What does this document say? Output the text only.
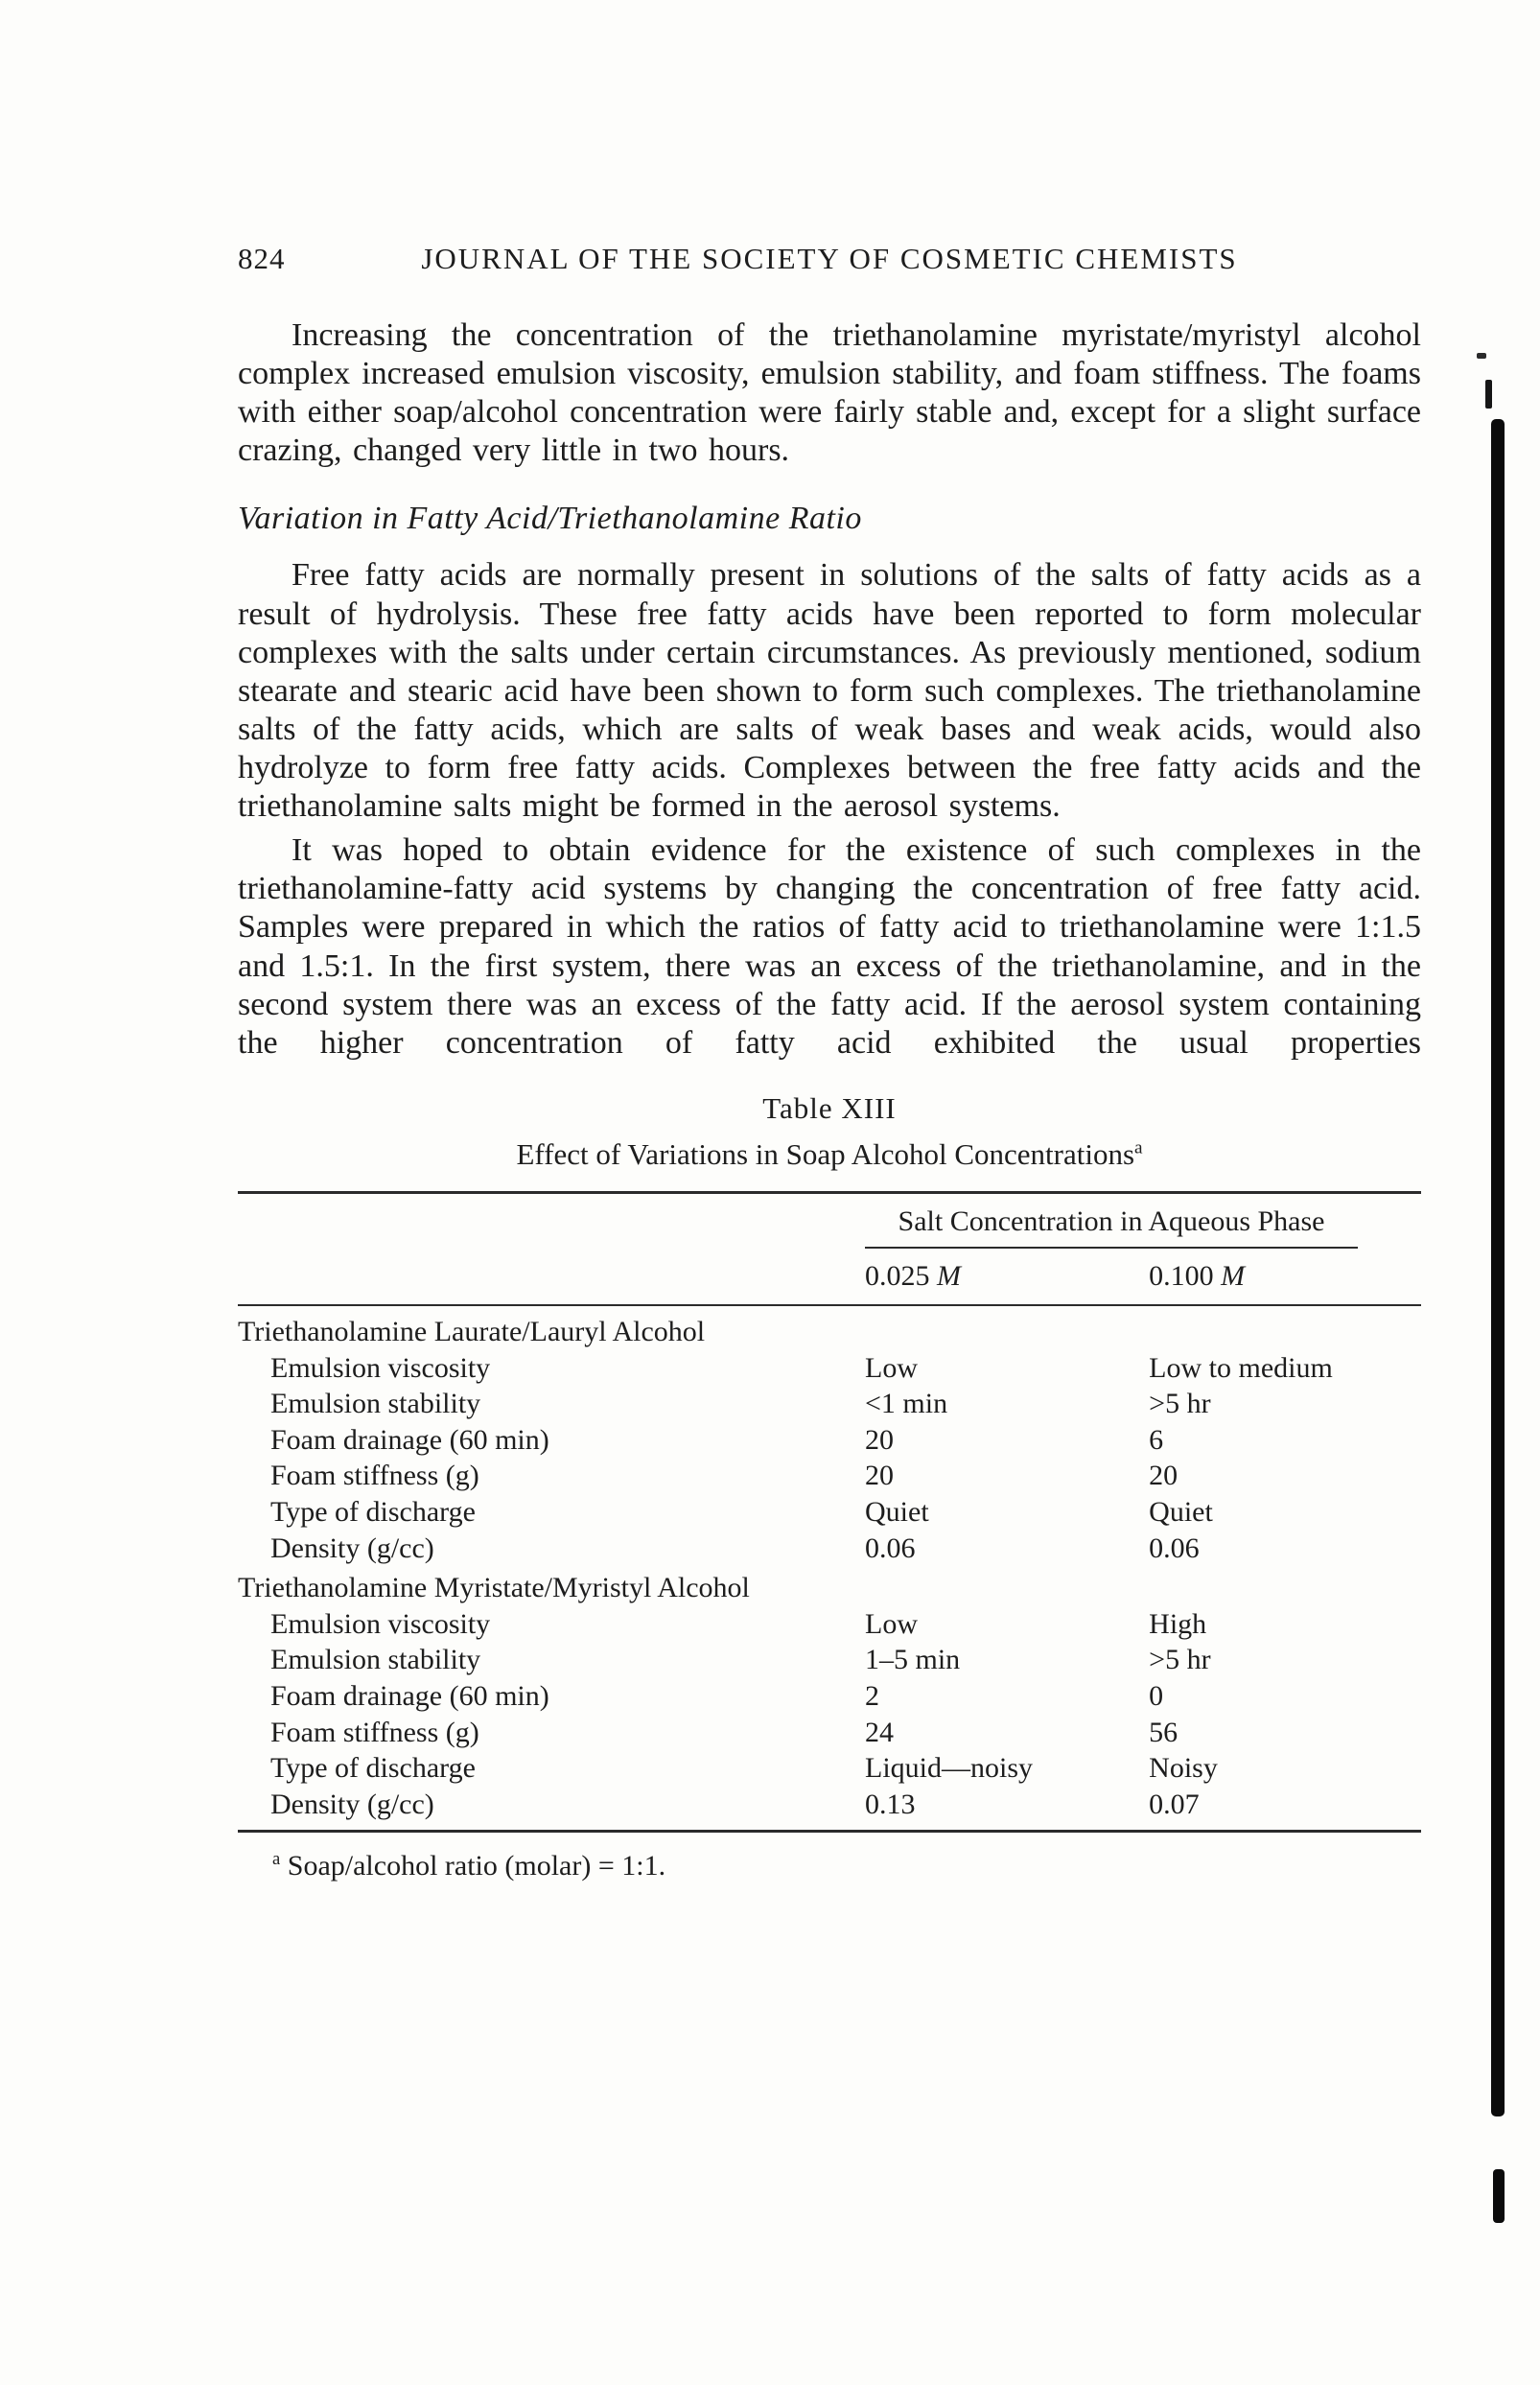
824	JOURNAL OF THE SOCIETY OF COSMETIC CHEMISTS

Increasing the concentration of the triethanolamine myristate/myristyl alcohol complex increased emulsion viscosity, emulsion stability, and foam stiffness. The foams with either soap/alcohol concentration were fairly stable and, except for a slight surface crazing, changed very little in two hours.

Variation in Fatty Acid/Triethanolamine Ratio

Free fatty acids are normally present in solutions of the salts of fatty acids as a result of hydrolysis. These free fatty acids have been reported to form molecular complexes with the salts under certain circumstances. As previously mentioned, sodium stearate and stearic acid have been shown to form such complexes. The triethanolamine salts of the fatty acids, which are salts of weak bases and weak acids, would also hydrolyze to form free fatty acids. Complexes between the free fatty acids and the triethanolamine salts might be formed in the aerosol systems.

It was hoped to obtain evidence for the existence of such complexes in the triethanolamine-fatty acid systems by changing the concentration of free fatty acid. Samples were prepared in which the ratios of fatty acid to triethanolamine were 1:1.5 and 1.5:1. In the first system, there was an excess of the triethanolamine, and in the second system there was an excess of the fatty acid. If the aerosol system containing the higher concentration of fatty acid exhibited the usual properties

Table XIII
Effect of Variations in Soap Alcohol Concentrations$^a$

	Salt Concentration in Aqueous Phase	

	0.025 M	0.100 M
Triethanolamine Laurate/Lauryl Alcohol		
Emulsion viscosity	Low	Low to medium
Emulsion stability	<1 min	>5 hr
Foam drainage (60 min)	20	6
Foam stiffness (g)	20	20
Type of discharge	Quiet	Quiet
Density (g/cc)	0.06	0.06
Triethanolamine Myristate/Myristyl Alcohol		
Emulsion viscosity	Low	High
Emulsion stability	1–5 min	>5 hr
Foam drainage (60 min)	2	0
Foam stiffness (g)	24	56
Type of discharge	Liquid—noisy	Noisy
Density (g/cc)	0.13	0.07
$^a$ Soap/alcohol ratio (molar) = 1:1.
